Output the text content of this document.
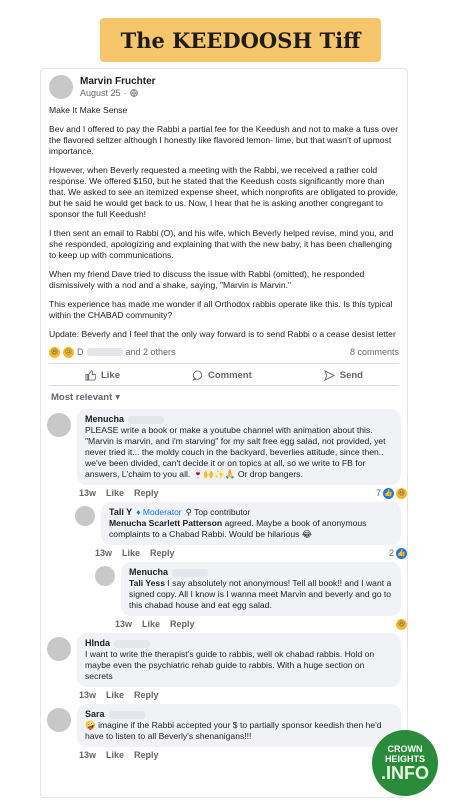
The KEEDOOSH Tiff
Marvin Fruchter
August 25 ·

Make It Make Sense

Bev and I offered to pay the Rabbi a partial fee for the Keedush and not to make a fuss over the flavored seltzer although I honestly like flavored lemon- lime, but that wasn't of upmost importance.

However, when Beverly requested a meeting with the Rabbi, we received a rather cold response. We offered $150, but he stated that the Keedush costs significantly more than that. We asked to see an itemized expense sheet, which nonprofits are obligated to provide, but he said he would get back to us. Now, I hear that he is asking another congregant to sponsor the full Keedush!

I then sent an email to Rabbi (O), and his wife, which Beverly helped revise, mind you, and she responded, apologizing and explaining that with the new baby, it has been challenging to keep up with communications.

When my friend Dave tried to discuss the issue with Rabbi (omitted), he responded dismissively with a nod and a shake, saying, "Marvin is Marvin."

This experience has made me wonder if all Orthodox rabbis operate like this. Is this typical within the CHABAD community?

Update: Beverly and I feel that the only way forward is to send Rabbi o a cease desist letter

😆 😢 D	and 2 others	8 comments
Like	Comment	Send
Most relevant ▾
Menucha
PLEASE write a book or make a youtube channel with animation about this. "Marvin is marvin, and i'm starving" for my salt free egg salad, not provided, yet never tried it... the moldy couch in the backyard, beverlies attitude, since then.. we've been divided, can't decide it or on topics at all, so we write to FB for answers, L'chaim to you all. 🍷🙌✨🙏 Or drop bangers.
13w Like Reply	7 👍 😆
Tali Y ♦ Moderator ⚲ Top contributor
Menucha Scarlett Patterson agreed. Maybe a book of anonymous complaints to a Chabad Rabbi. Would be hilarious 😂
13w Like Reply	2 👍
Menucha
Tali Yess I say absolutely not anonymous! Tell all book!! and I want a signed copy. All I know is I wanna meet Marvin and beverly and go to this chabad house and eat egg salad.
13w Like Reply	😆
HInda
I want to write the therapist's guide to rabbis, well ok chabad rabbis. Hold on maybe even the psychiatric rehab guide to rabbis. With a huge section on secrets
13w Like Reply
Sara
🤪 imagine if the Rabbi accepted your $ to partially sponsor keedish then he'd have to listen to all Beverly's shenanigans!!!
13w Like Reply
CROWN
HEIGHTS
.INFO
